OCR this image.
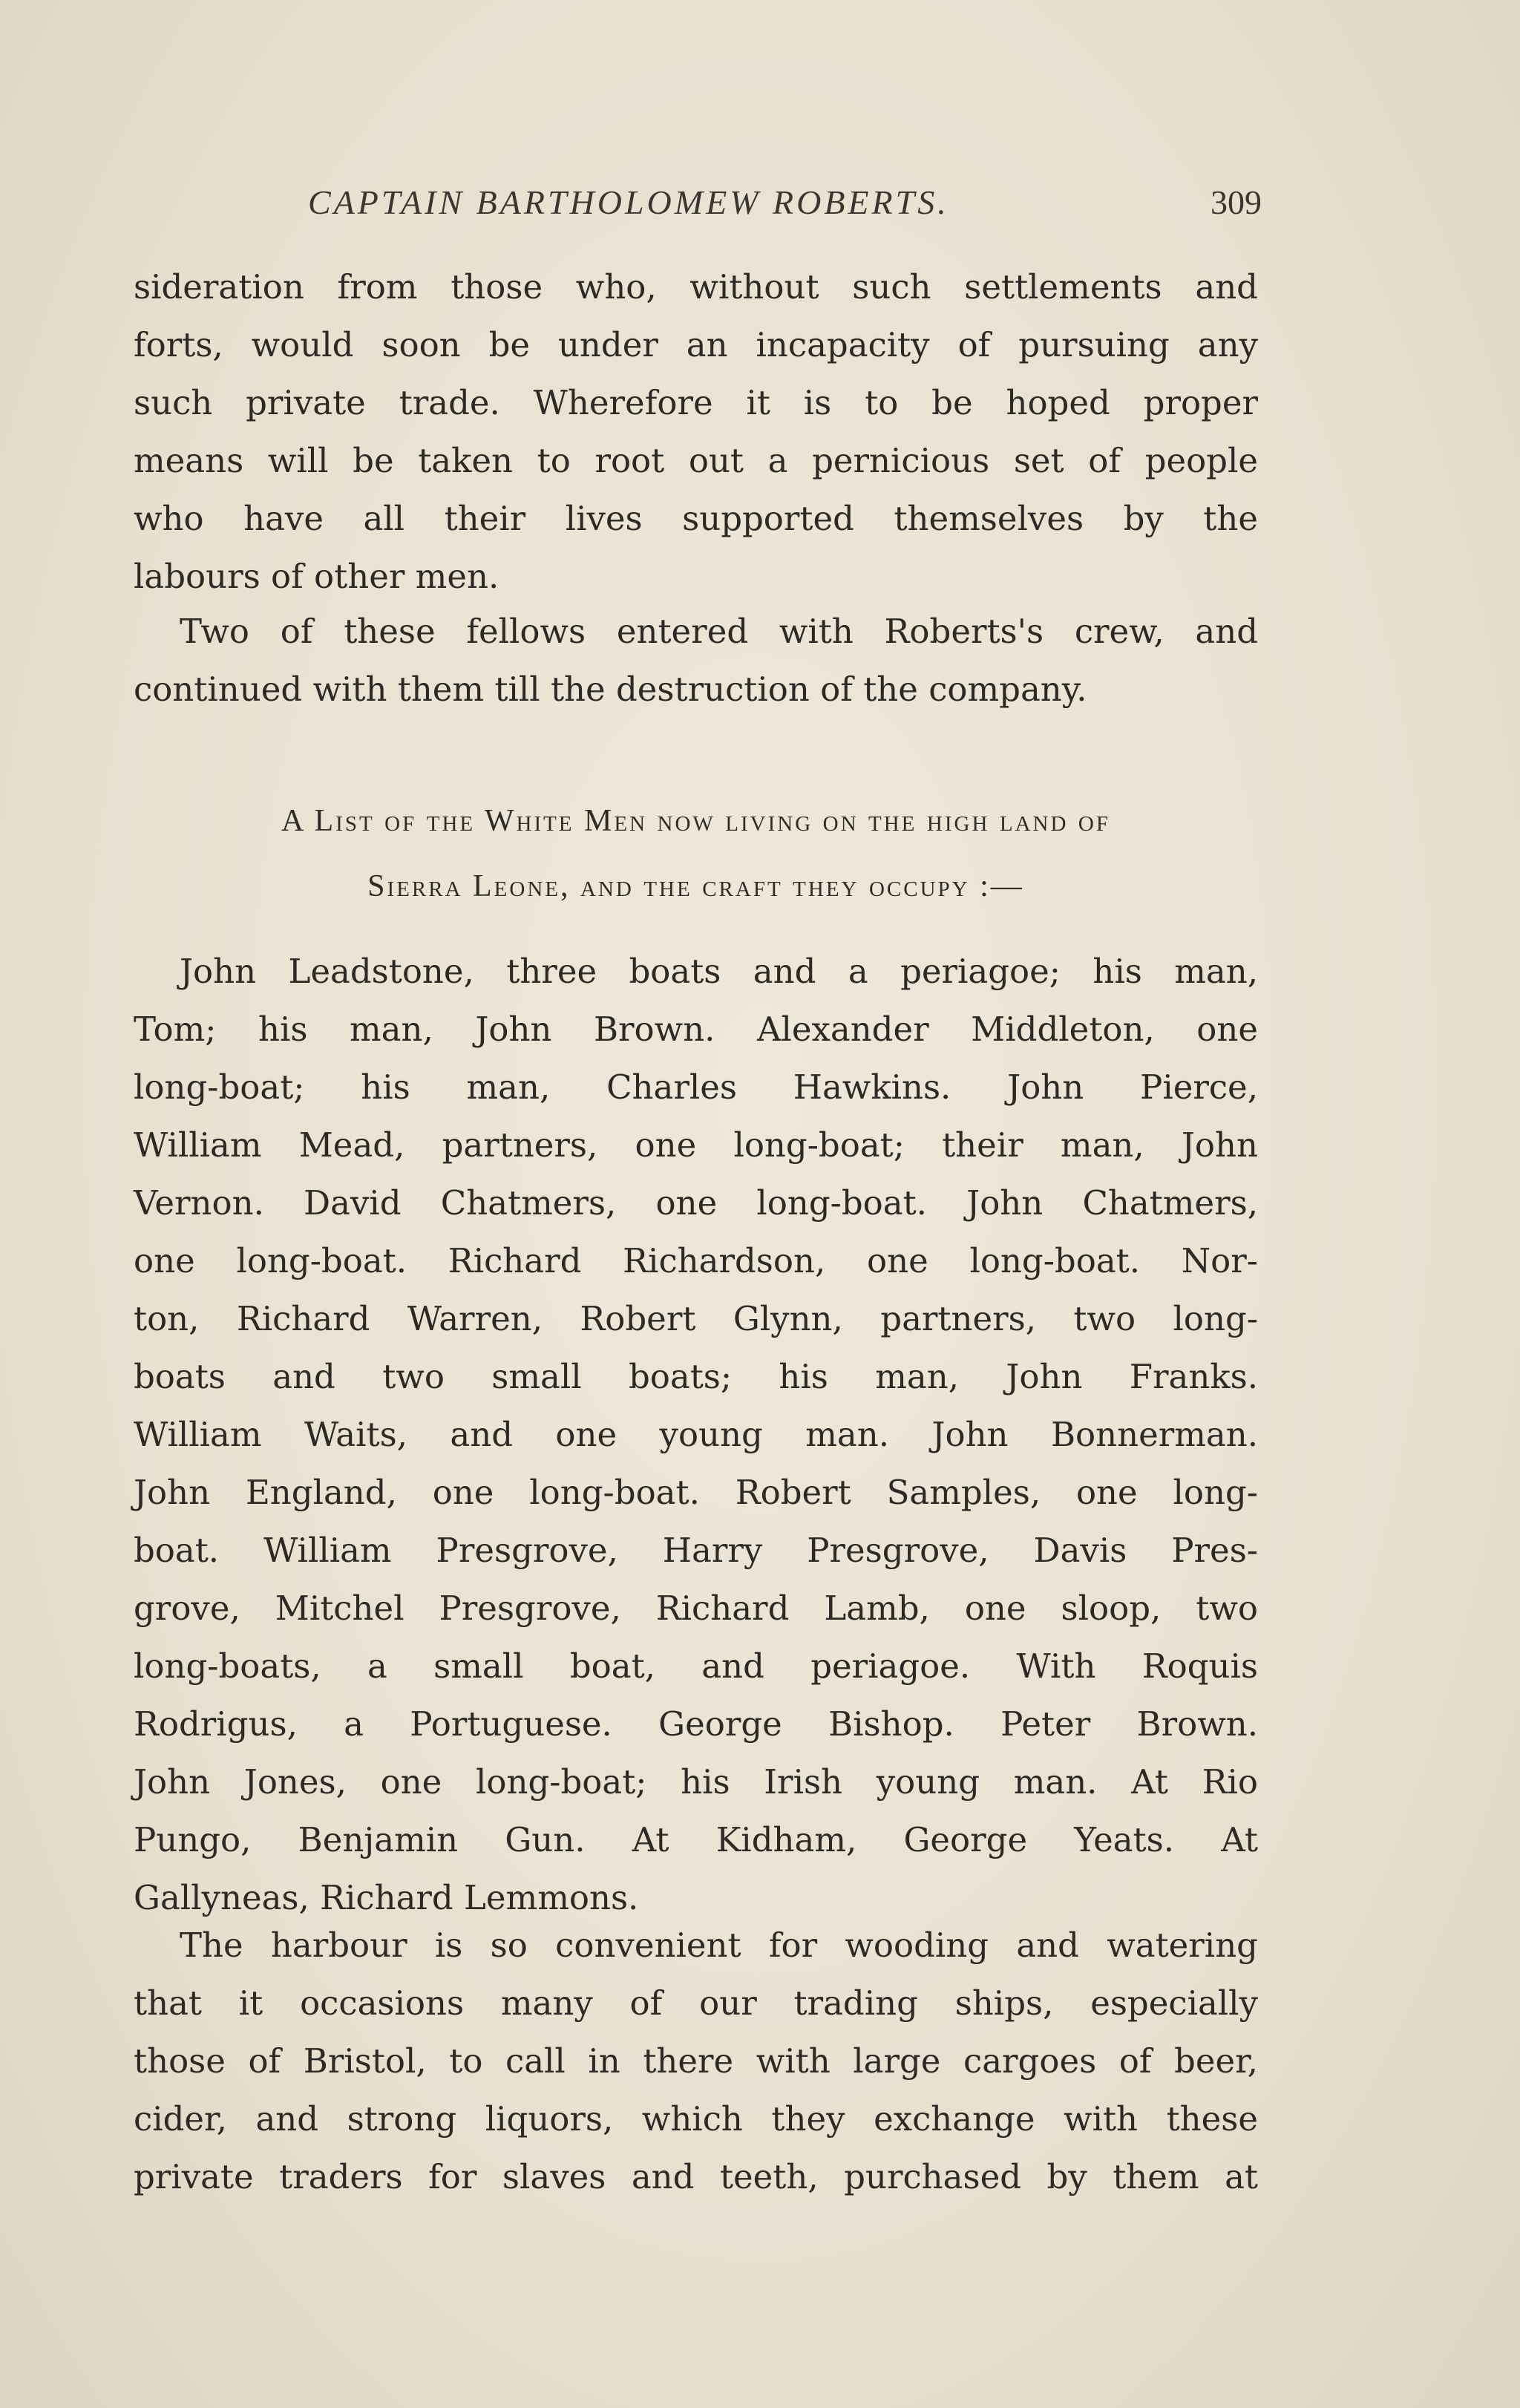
CAPTAIN BARTHOLOMEW ROBERTS.	309
sideration from those who, without such settlements and
forts, would soon be under an incapacity of pursuing any
such private trade. Wherefore it is to be hoped proper
means will be taken to root out a pernicious set of people
who have all their lives supported themselves by the
labours of other men.
Two of these fellows entered with Roberts's crew, and
continued with them till the destruction of the company.
A List of the White Men now living on the high land of
Sierra Leone, and the craft they occupy :—
John Leadstone, three boats and a periagoe; his man,
Tom; his man, John Brown. Alexander Middleton, one
long-boat; his man, Charles Hawkins. John Pierce,
William Mead, partners, one long-boat; their man, John
Vernon. David Chatmers, one long-boat. John Chatmers,
one long-boat. Richard Richardson, one long-boat. Nor-
ton, Richard Warren, Robert Glynn, partners, two long-
boats and two small boats; his man, John Franks.
William Waits, and one young man. John Bonnerman.
John England, one long-boat. Robert Samples, one long-
boat. William Presgrove, Harry Presgrove, Davis Pres-
grove, Mitchel Presgrove, Richard Lamb, one sloop, two
long-boats, a small boat, and periagoe. With Roquis
Rodrigus, a Portuguese. George Bishop. Peter Brown.
John Jones, one long-boat; his Irish young man. At Rio
Pungo, Benjamin Gun. At Kidham, George Yeats. At
Gallyneas, Richard Lemmons.
The harbour is so convenient for wooding and watering
that it occasions many of our trading ships, especially
those of Bristol, to call in there with large cargoes of beer,
cider, and strong liquors, which they exchange with these
private traders for slaves and teeth, purchased by them at
